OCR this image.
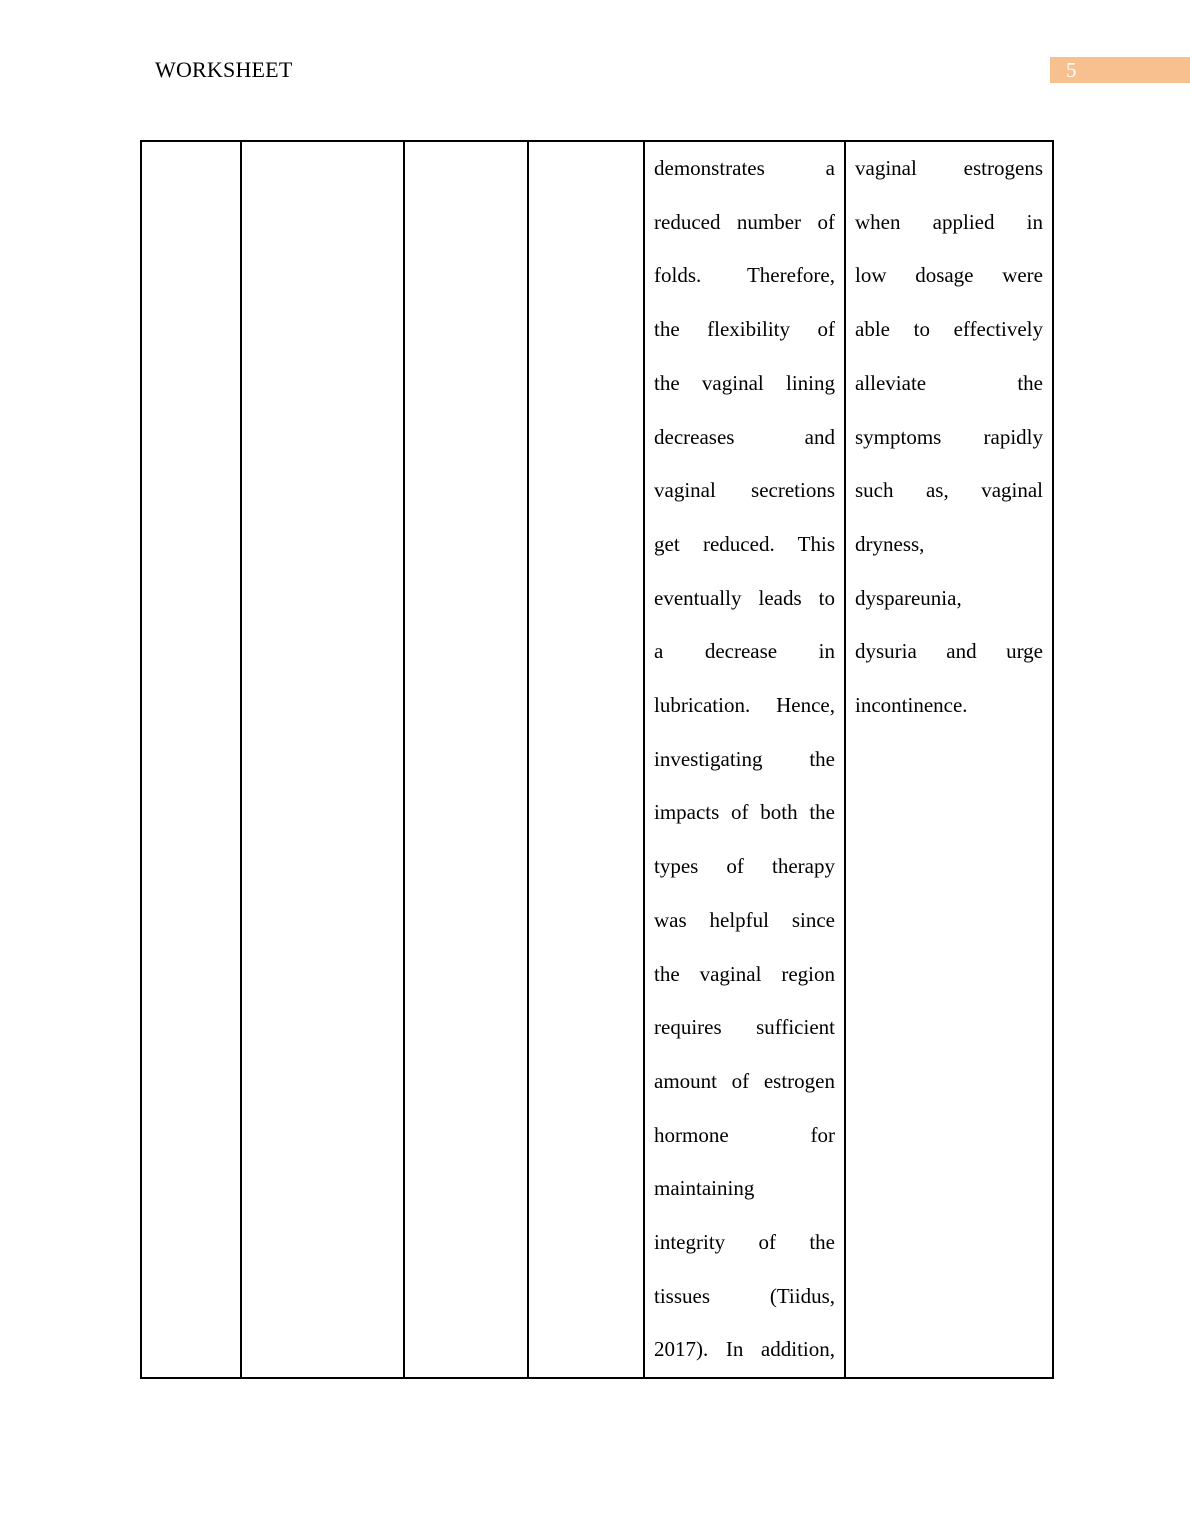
WORKSHEET	5

demonstrates a
reduced number of
folds. Therefore,
the flexibility of
the vaginal lining
decreases and
vaginal secretions
get reduced. This
eventually leads to
a decrease in
lubrication. Hence,
investigating the
impacts of both the
types of therapy
was helpful since
the vaginal region
requires sufficient
amount of estrogen
hormone for
maintaining
integrity of the
tissues (Tiidus,
2017). In addition,

vaginal estrogens
when applied in
low dosage were
able to effectively
alleviate the
symptoms rapidly
such as, vaginal
dryness,
dyspareunia,
dysuria and urge
incontinence.
